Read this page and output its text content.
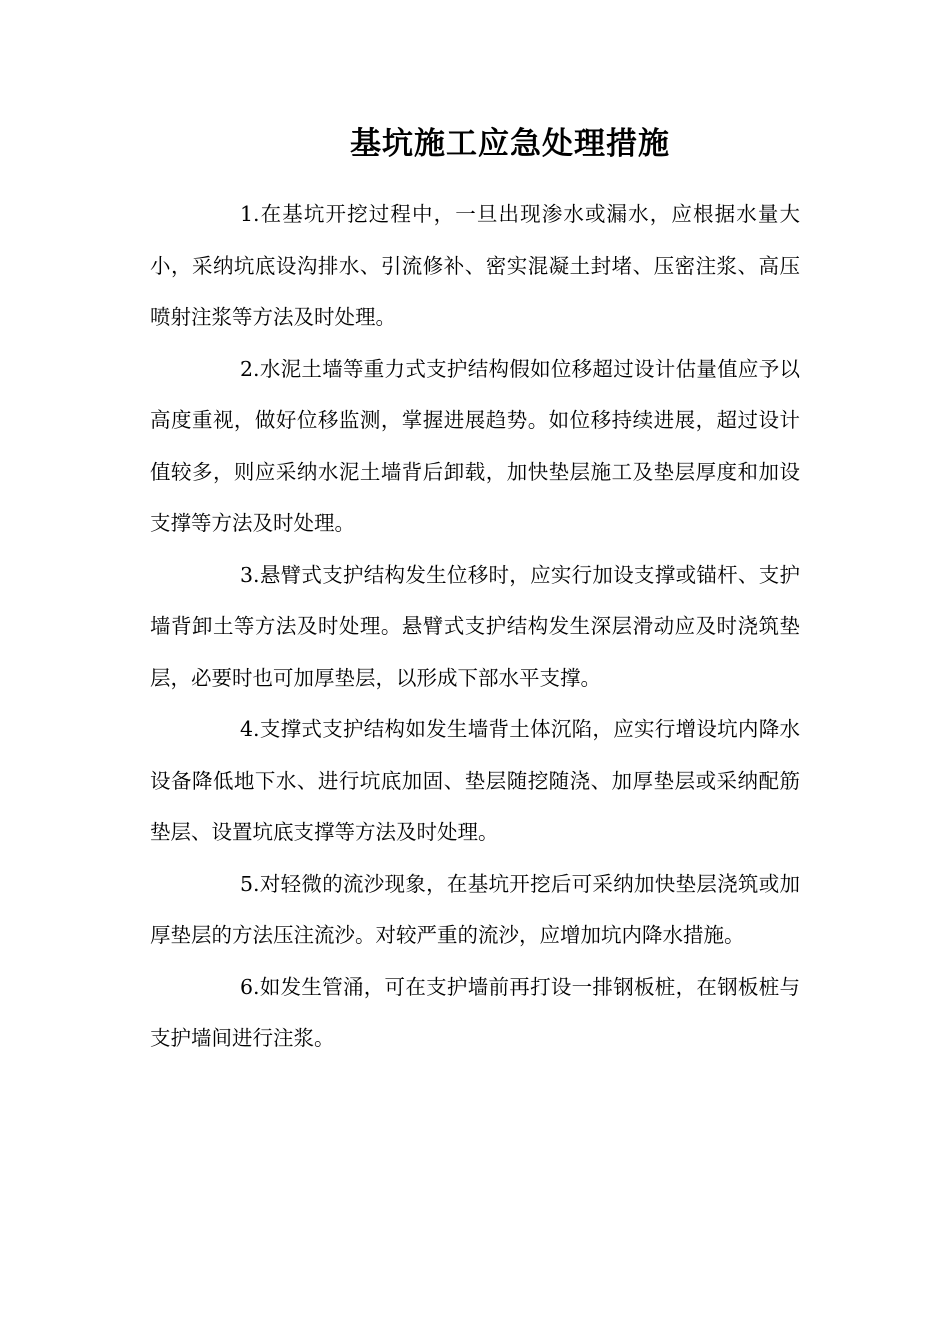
基坑施工应急处理措施

1.在基坑开挖过程中，一旦出现渗水或漏水，应根据水量大小，采纳坑底设沟排水、引流修补、密实混凝土封堵、压密注浆、高压喷射注浆等方法及时处理。

2.水泥土墙等重力式支护结构假如位移超过设计估量值应予以高度重视，做好位移监测，掌握进展趋势。如位移持续进展，超过设计值较多，则应采纳水泥土墙背后卸载，加快垫层施工及垫层厚度和加设支撑等方法及时处理。

3.悬臂式支护结构发生位移时，应实行加设支撑或锚杆、支护墙背卸土等方法及时处理。悬臂式支护结构发生深层滑动应及时浇筑垫层，必要时也可加厚垫层，以形成下部水平支撑。

4.支撑式支护结构如发生墙背土体沉陷，应实行增设坑内降水设备降低地下水、进行坑底加固、垫层随挖随浇、加厚垫层或采纳配筋垫层、设置坑底支撑等方法及时处理。

5.对轻微的流沙现象，在基坑开挖后可采纳加快垫层浇筑或加厚垫层的方法压注流沙。对较严重的流沙，应增加坑内降水措施。

6.如发生管涌，可在支护墙前再打设一排钢板桩，在钢板桩与支护墙间进行注浆。
